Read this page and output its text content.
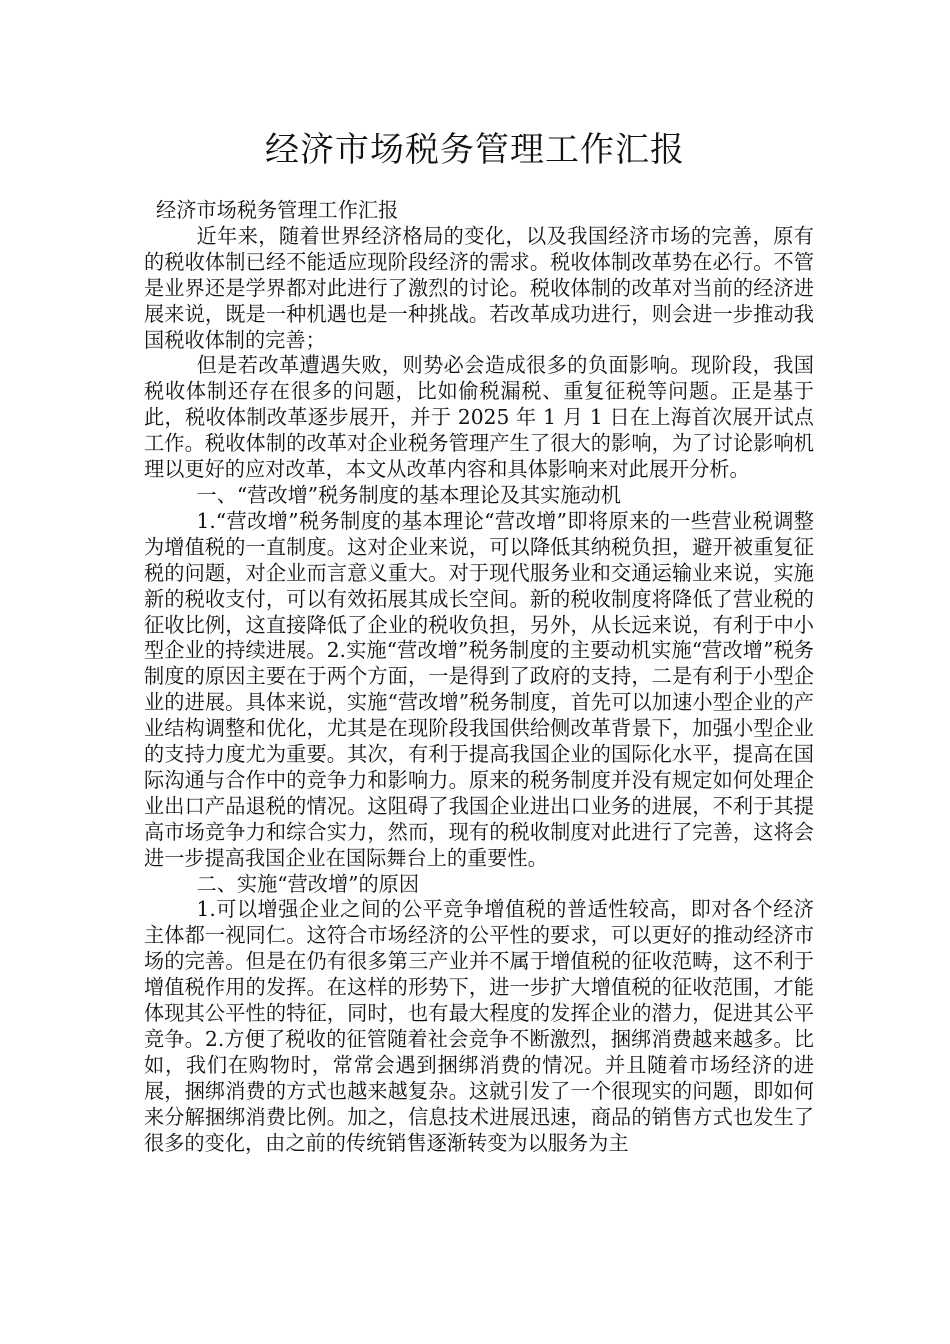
经济市场税务管理工作汇报

经济市场税务管理工作汇报

近年来，随着世界经济格局的变化，以及我国经济市场的完善，原有的税收体制已经不能适应现阶段经济的需求。税收体制改革势在必行。不管是业界还是学界都对此进行了激烈的讨论。税收体制的改革对当前的经济进展来说，既是一种机遇也是一种挑战。若改革成功进行，则会进一步推动我国税收体制的完善；

但是若改革遭遇失败，则势必会造成很多的负面影响。现阶段，我国税收体制还存在很多的问题，比如偷税漏税、重复征税等问题。正是基于此，税收体制改革逐步展开，并于 2025 年 1 月 1 日在上海首次展开试点工作。税收体制的改革对企业税务管理产生了很大的影响，为了讨论影响机理以更好的应对改革，本文从改革内容和具体影响来对此展开分析。

一、“营改增”税务制度的基本理论及其实施动机

1.“营改增”税务制度的基本理论“营改增”即将原来的一些营业税调整为增值税的一直制度。这对企业来说，可以降低其纳税负担，避开被重复征税的问题，对企业而言意义重大。对于现代服务业和交通运输业来说，实施新的税收支付，可以有效拓展其成长空间。新的税收制度将降低了营业税的征收比例，这直接降低了企业的税收负担，另外，从长远来说，有利于中小型企业的持续进展。2.实施“营改增”税务制度的主要动机实施“营改增”税务制度的原因主要在于两个方面，一是得到了政府的支持，二是有利于小型企业的进展。具体来说，实施“营改增”税务制度，首先可以加速小型企业的产业结构调整和优化，尤其是在现阶段我国供给侧改革背景下，加强小型企业的支持力度尤为重要。其次，有利于提高我国企业的国际化水平，提高在国际沟通与合作中的竞争力和影响力。原来的税务制度并没有规定如何处理企业出口产品退税的情况。这阻碍了我国企业进出口业务的进展，不利于其提高市场竞争力和综合实力，然而，现有的税收制度对此进行了完善，这将会进一步提高我国企业在国际舞台上的重要性。

二、实施“营改增”的原因

1.可以增强企业之间的公平竞争增值税的普适性较高，即对各个经济主体都一视同仁。这符合市场经济的公平性的要求，可以更好的推动经济市场的完善。但是在仍有很多第三产业并不属于增值税的征收范畴，这不利于增值税作用的发挥。在这样的形势下，进一步扩大增值税的征收范围，才能体现其公平性的特征，同时，也有最大程度的发挥企业的潜力，促进其公平竞争。2.方便了税收的征管随着社会竞争不断激烈，捆绑消费越来越多。比如，我们在购物时，常常会遇到捆绑消费的情况。并且随着市场经济的进展，捆绑消费的方式也越来越复杂。这就引发了一个很现实的问题，即如何来分解捆绑消费比例。加之，信息技术进展迅速，商品的销售方式也发生了很多的变化，由之前的传统销售逐渐转变为以服务为主
